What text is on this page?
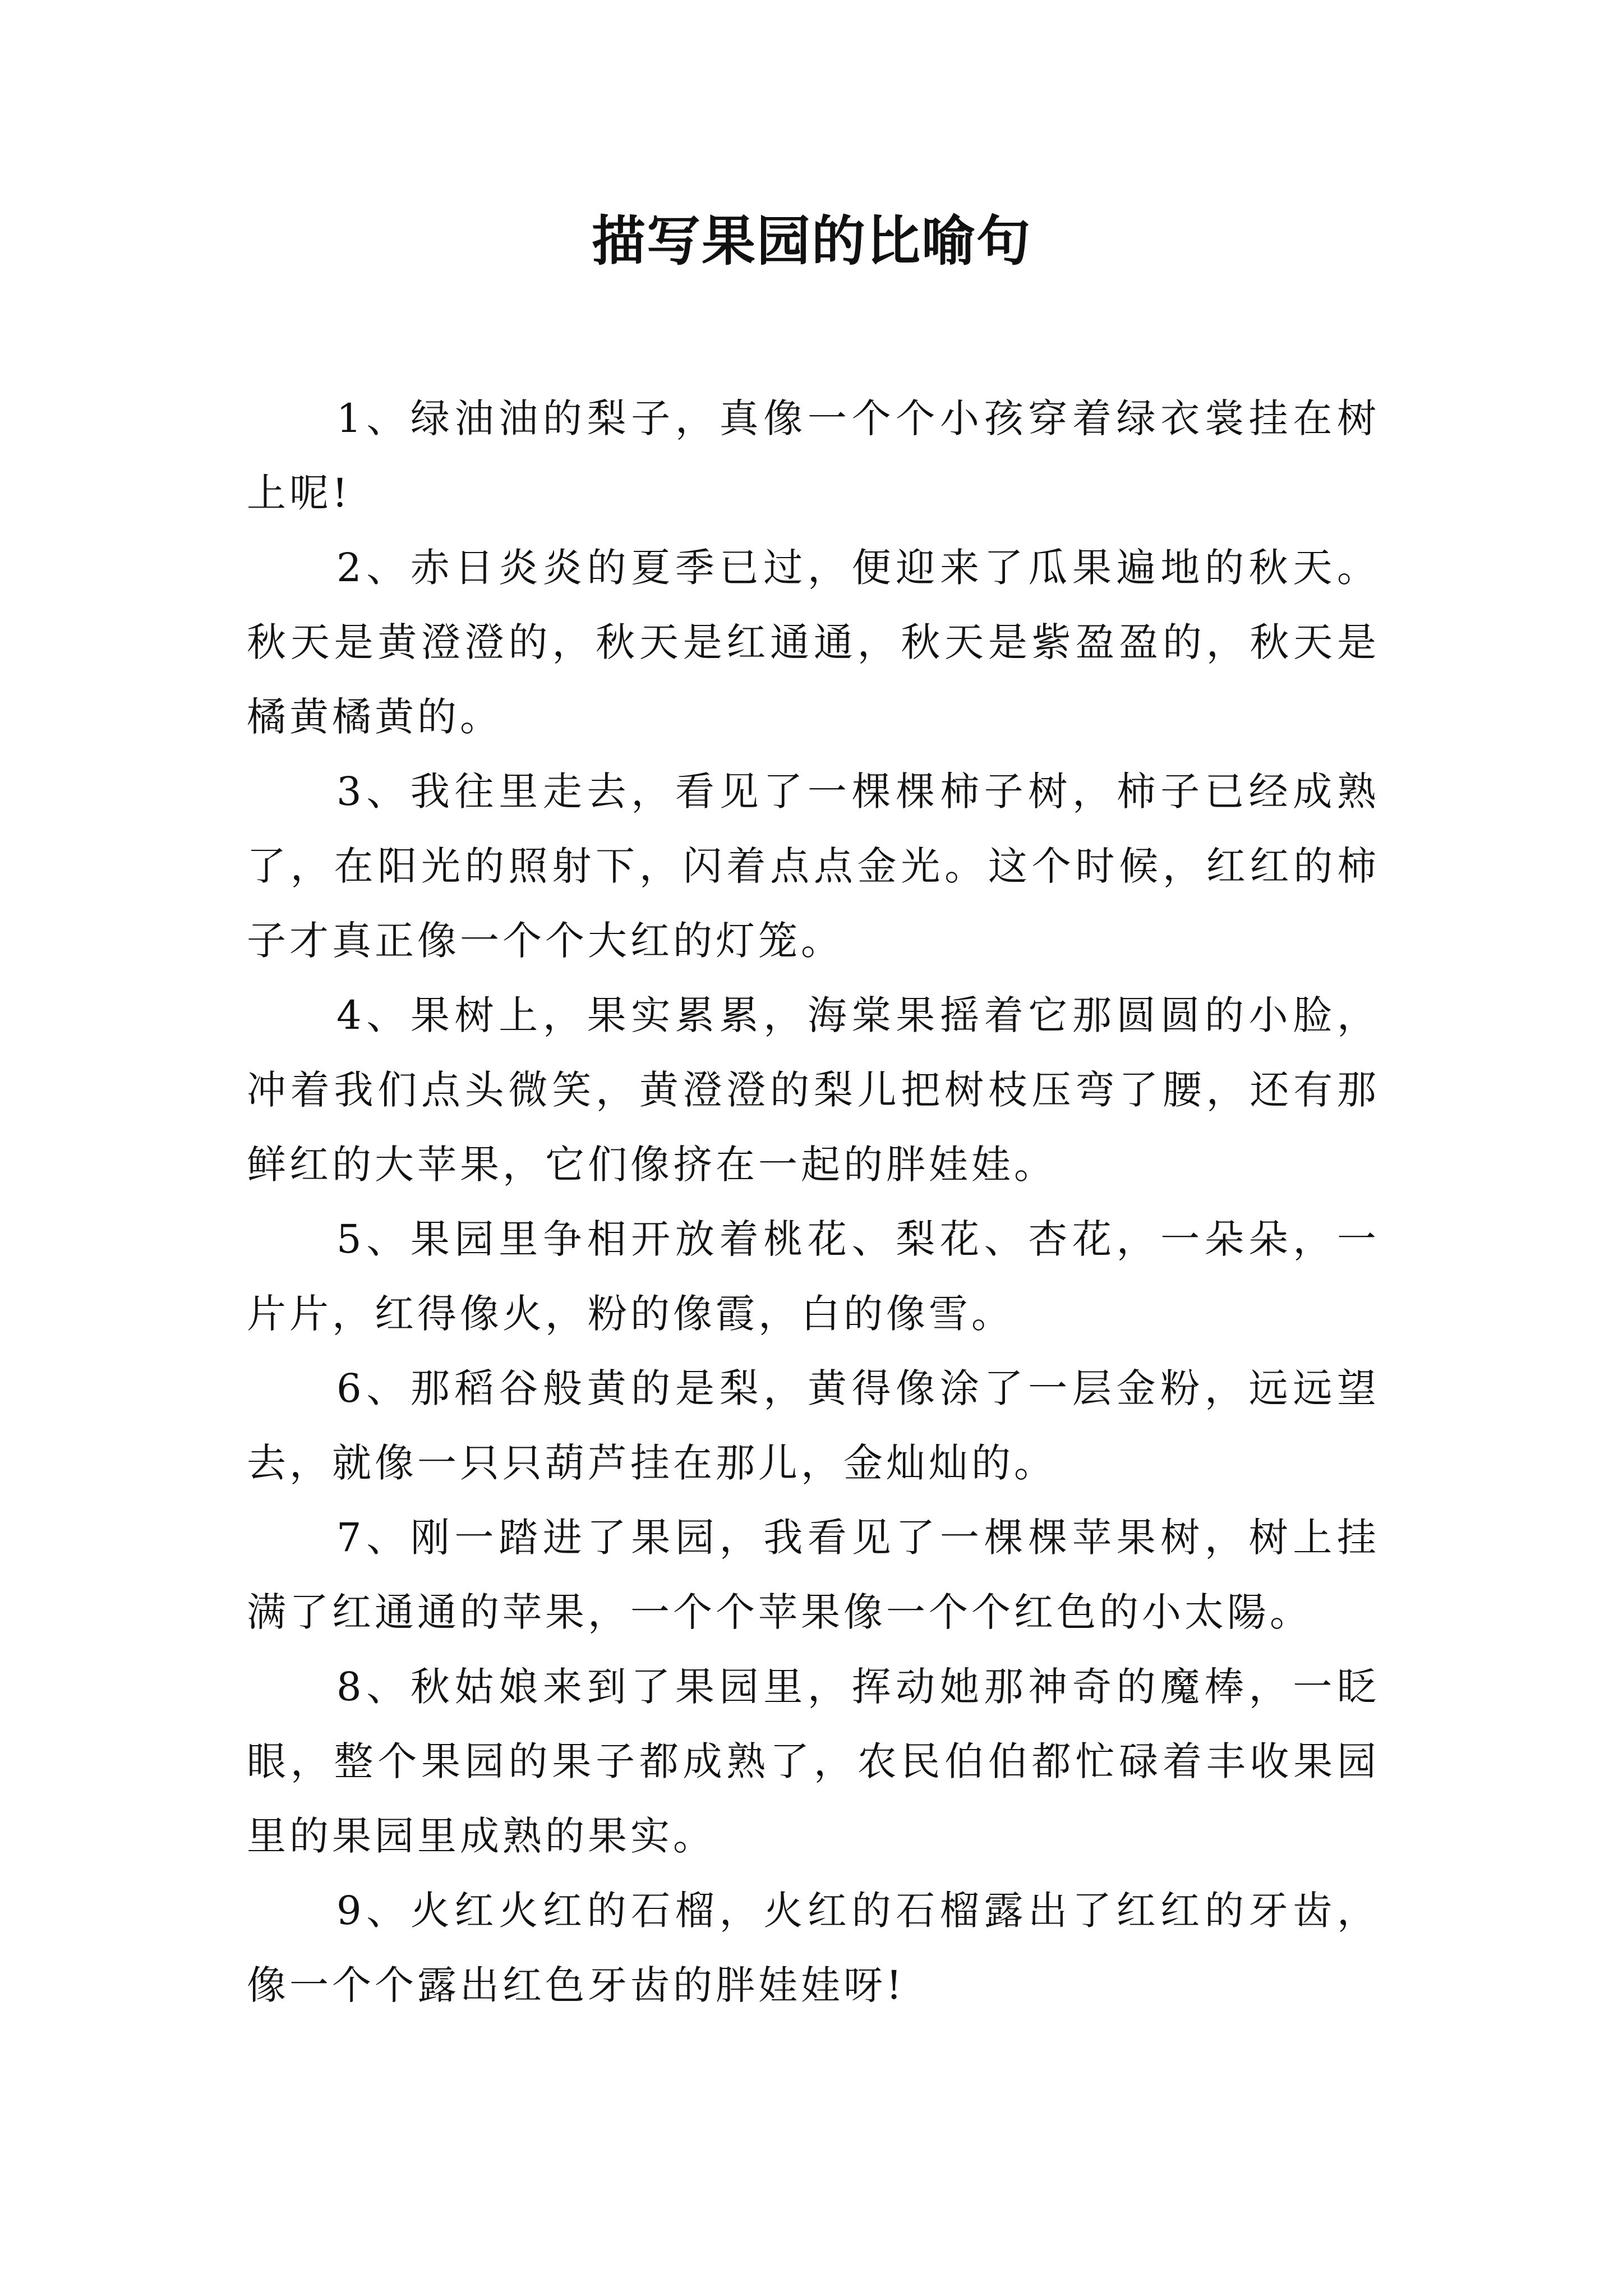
描写果园的比喻句

1、绿油油的梨子，真像一个个小孩穿着绿衣裳挂在树上呢!

2、赤日炎炎的夏季已过，便迎来了瓜果遍地的秋天。秋天是黄澄澄的，秋天是红通通，秋天是紫盈盈的，秋天是橘黄橘黄的。

3、我往里走去，看见了一棵棵柿子树，柿子已经成熟了，在阳光的照射下，闪着点点金光。这个时候，红红的柿子才真正像一个个大红的灯笼。

4、果树上，果实累累，海棠果摇着它那圆圆的小脸，冲着我们点头微笑，黄澄澄的梨儿把树枝压弯了腰，还有那鲜红的大苹果，它们像挤在一起的胖娃娃。

5、果园里争相开放着桃花、梨花、杏花，一朵朵，一片片，红得像火，粉的像霞，白的像雪。

6、那稻谷般黄的是梨，黄得像涂了一层金粉，远远望去，就像一只只葫芦挂在那儿，金灿灿的。

7、刚一踏进了果园，我看见了一棵棵苹果树，树上挂满了红通通的苹果，一个个苹果像一个个红色的小太陽。

8、秋姑娘来到了果园里，挥动她那神奇的魔棒，一眨眼，整个果园的果子都成熟了，农民伯伯都忙碌着丰收果园里的果园里成熟的果实。

9、火红火红的石榴，火红的石榴露出了红红的牙齿，像一个个露出红色牙齿的胖娃娃呀!
